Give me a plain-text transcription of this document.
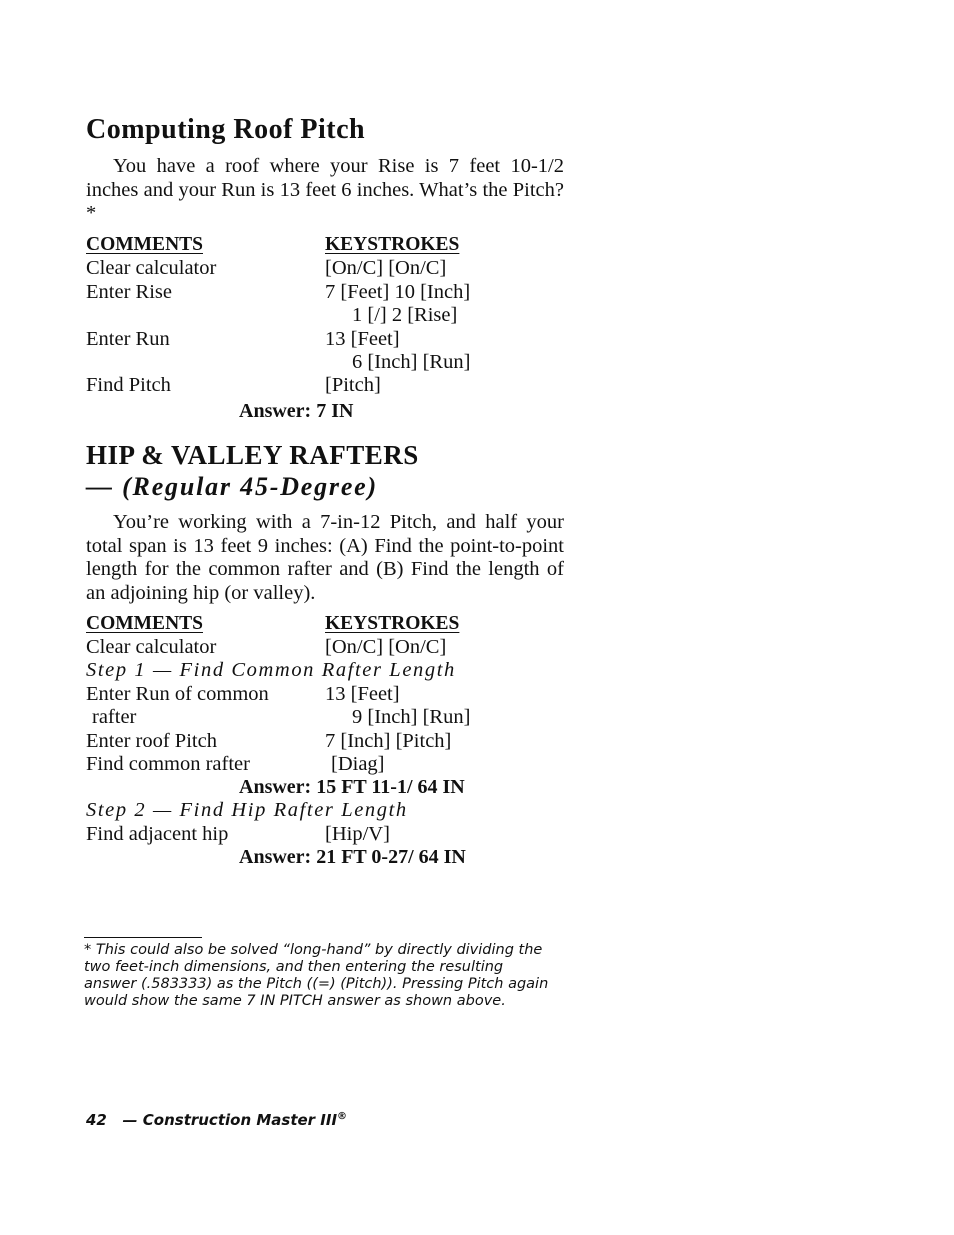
Computing Roof Pitch

You have a roof where your Rise is 7 feet 10-1/2 inches and your Run is 13 feet 6 inches. What’s the Pitch?*

COMMENTS	KEYSTROKES
Clear calculator	[On/C] [On/C]
Enter Rise	7 [Feet] 10 [Inch]
1 [/] 2 [Rise]
Enter Run	13 [Feet]
6 [Inch] [Run]
Find Pitch	[Pitch]
Answer: 7 IN
HIP & VALLEY RAFTERS
— (Regular 45-Degree)

You’re working with a 7-in-12 Pitch, and half your total span is 13 feet 9 inches: (A) Find the point-to-point length for the common rafter and (B) Find the length of an adjoining hip (or valley).

COMMENTS	KEYSTROKES
Clear calculator	[On/C] [On/C]
Step 1 — Find Common Rafter Length
Enter Run of common	13 [Feet]
rafter	9 [Inch] [Run]
Enter roof Pitch	7 [Inch] [Pitch]
Find common rafter	[Diag]
Answer: 15 FT 11-1/ 64 IN
Step 2 — Find Hip Rafter Length
Find adjacent hip	[Hip/V]
Answer: 21 FT 0-27/ 64 IN

* This could also be solved “long-hand” by directly dividing the two feet-inch dimensions, and then entering the resulting answer (.583333) as the Pitch ((=) (Pitch)). Pressing Pitch again would show the same 7 IN PITCH answer as shown above.

42 — Construction Master III®
